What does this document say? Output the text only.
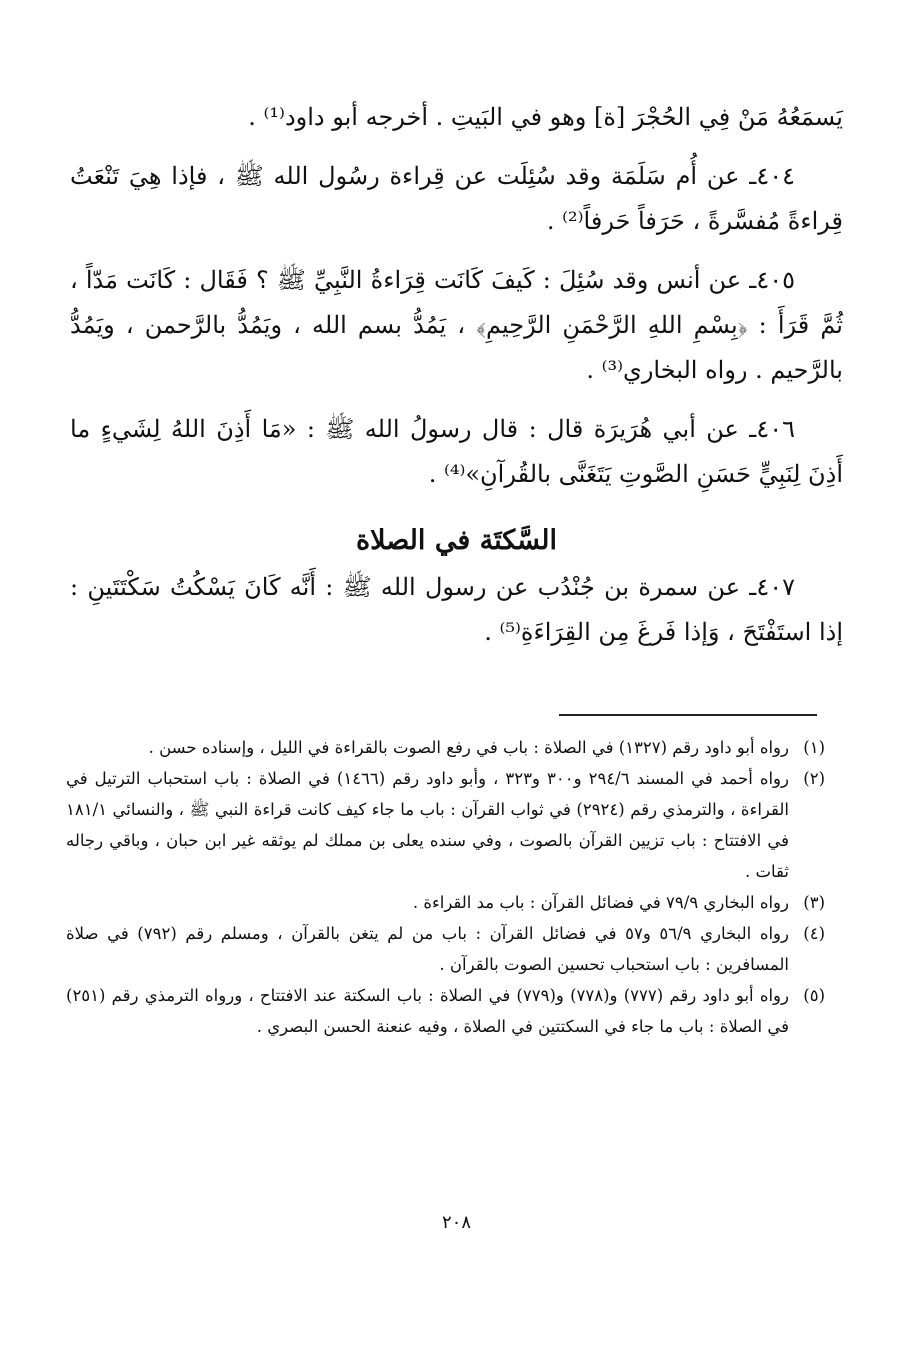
يَسمَعُهُ مَنْ فِي الحُجْرَ [ة] وهو في البَيتِ . أخرجه أبو داود⁽¹⁾ .

٤٠٤ـ عن أُم سَلَمَة وقد سُئِلَت عن قِراءة رسُول الله ﷺ ، فإذا هِيَ تَنْعَتُ قِراءةً مُفسَّرةً ، حَرَفاً حَرفاً⁽²⁾ .

٤٠٥ـ عن أنس وقد سُئِلَ : كَيفَ كَانَت قِرَاءةُ النَّبِيِّ ﷺ ؟ فَقَال : كَانَت مَدّاً ، ثُمَّ قَرَأَ : ﴿بِسْمِ اللهِ الرَّحْمَنِ الرَّحِيمِ﴾ ، يَمُدُّ بسم الله ، ويَمُدُّ بالرَّحمن ، ويَمُدُّ بالرَّحيم . رواه البخاري⁽³⁾ .

٤٠٦ـ عن أبي هُرَيرَة قال : قال رسولُ الله ﷺ : «مَا أَذِنَ اللهُ لِشَيءٍ ما أَذِنَ لِنَبِيٍّ حَسَنِ الصَّوتِ يَتَغَنَّى بالقُرآنِ»⁽⁴⁾ .

السَّكتَة في الصلاة

٤٠٧ـ عن سمرة بن جُنْدُب عن رسول الله ﷺ : أَنَّه كَانَ يَسْكُتُ سَكْتَتَينِ : إذا استَفْتَحَ ، وَإذا فَرغَ مِن القِرَاءَةِ⁽⁵⁾ .

(١)
رواه أبو داود رقم (١٣٢٧) في الصلاة : باب في رفع الصوت بالقراءة في الليل ، وإسناده حسن .

(٢)
رواه أحمد في المسند ٢٩٤/٦ و٣٠٠ و٣٢٣ ، وأبو داود رقم (١٤٦٦) في الصلاة : باب استحباب الترتيل في القراءة ، والترمذي رقم (٢٩٢٤) في ثواب القرآن : باب ما جاء كيف كانت قراءة النبي ﷺ ، والنسائي ١٨١/١ في الافتتاح : باب تزيين القرآن بالصوت ، وفي سنده يعلى بن مملك لم يوثقه غير ابن حبان ، وباقي رجاله ثقات .

(٣)
رواه البخاري ٧٩/٩ في فضائل القرآن : باب مد القراءة .

(٤)
رواه البخاري ٥٦/٩ و٥٧ في فضائل القرآن : باب من لم يتغن بالقرآن ، ومسلم رقم (٧٩٢) في صلاة المسافرين : باب استحباب تحسين الصوت بالقرآن .

(٥)
رواه أبو داود رقم (٧٧٧) و(٧٧٨) و(٧٧٩) في الصلاة : باب السكتة عند الافتتاح ، ورواه الترمذي رقم (٢٥١) في الصلاة : باب ما جاء في السكتتين في الصلاة ، وفيه عنعنة الحسن البصري .

٢٠٨
